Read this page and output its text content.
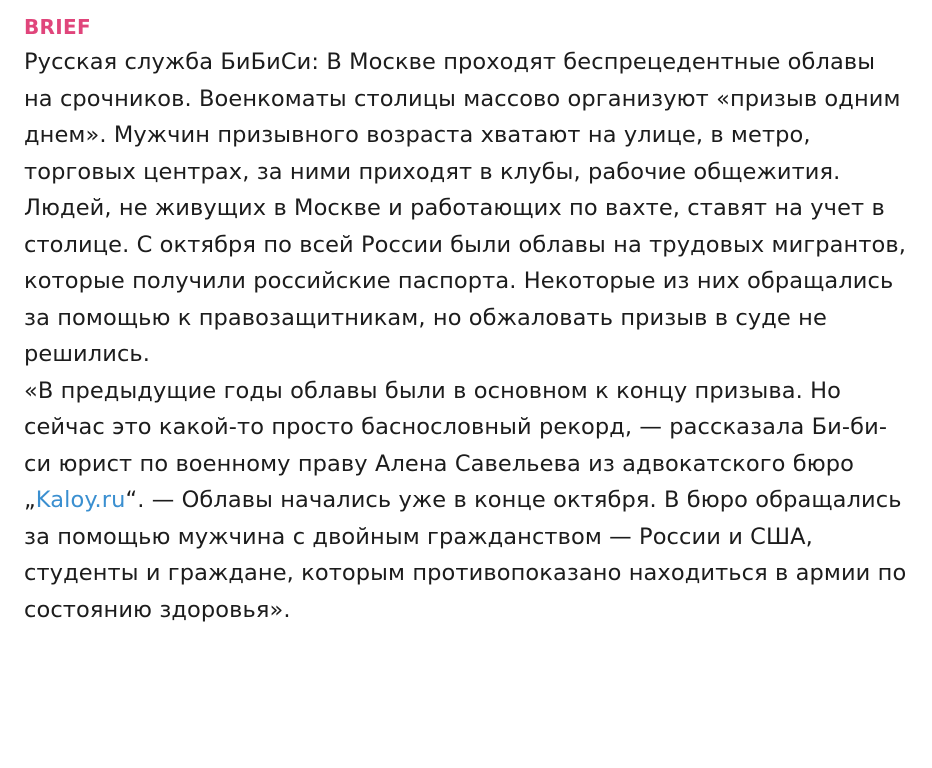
BRIEF

Русская служба БиБиСи: В Москве проходят беспрецедентные облавы на срочников. Военкоматы столицы массово организуют «призыв одним днем». Мужчин призывного возраста хватают на улице, в метро, торговых центрах, за ними приходят в клубы, рабочие общежития. Людей, не живущих в Москве и работающих по вахте, ставят на учет в столице. С октября по всей России были облавы на трудовых мигрантов, которые получили российские паспорта. Некоторые из них обращались за помощью к правозащитникам, но обжаловать призыв в суде не решились.

«В предыдущие годы облавы были в основном к концу призыва. Но сейчас это какой-то просто баснословный рекорд, — рассказала Би-би-си юрист по военному праву Алена Савельева из адвокатского бюро „Kaloy.ru“. — Облавы начались уже в конце октября. В бюро обращались за помощью мужчина с двойным гражданством — России и США, студенты и граждане, которым противопоказано находиться в армии по состоянию здоровья».
